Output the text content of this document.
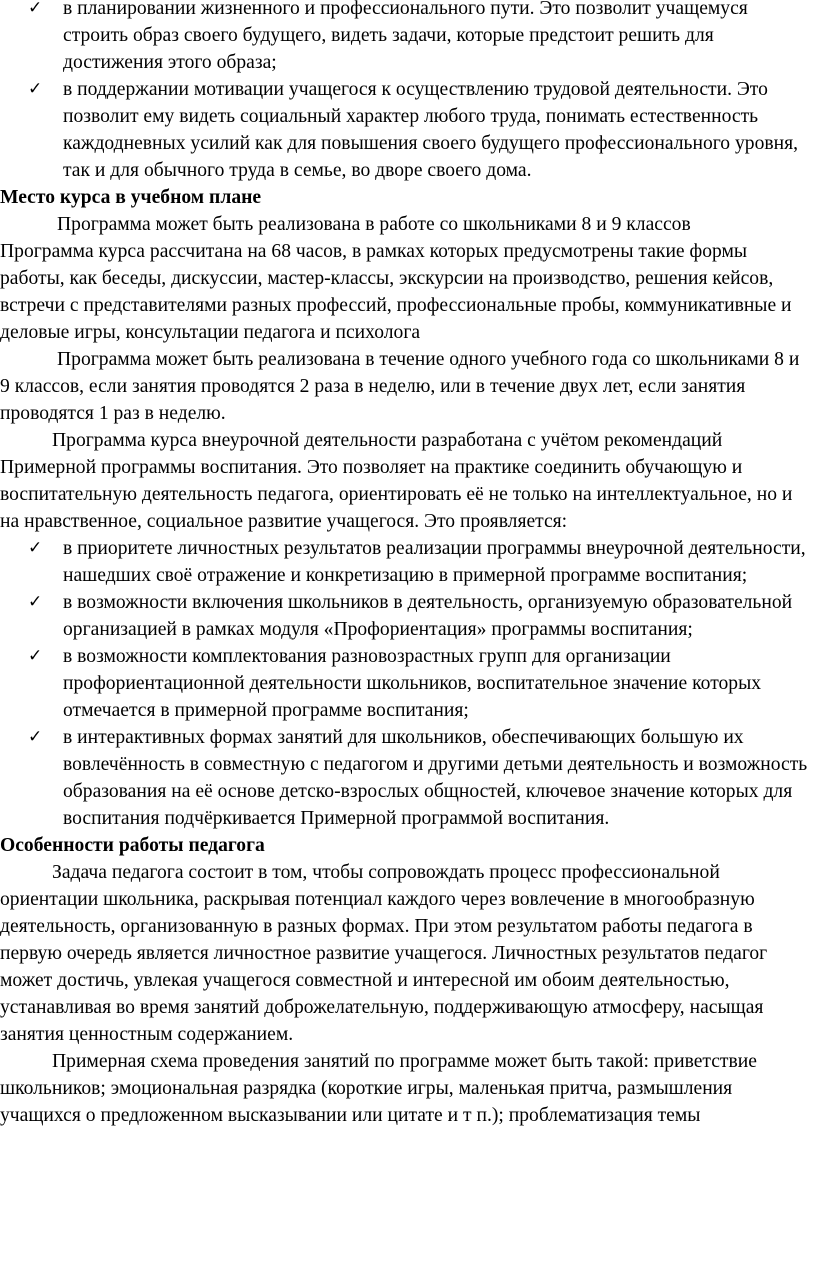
✓	в планировании жизненного и профессионального пути. Это позволит учащемуся строить образ своего будущего, видеть задачи, которые предстоит решить для достижения этого образа;
✓	в поддержании мотивации учащегося к осуществлению трудовой деятельности. Это позволит ему видеть социальный характер любого труда, понимать естественность каждодневных усилий как для повышения своего будущего профессионального уровня, так и для обычного труда в семье, во дворе своего дома.

Место курса в учебном плане

Программа может быть реализована в работе со школьниками 8 и 9 классов

Программа курса рассчитана на 68 часов, в рамках которых предусмотрены такие формы работы, как беседы, дискуссии, мастер-классы, экскурсии на производство, решения кейсов, встречи с представителями разных профессий, профессиональные пробы, коммуникативные и деловые игры, консультации педагога и психолога

Программа может быть реализована в течение одного учебного года со школьниками 8 и 9 классов, если занятия проводятся 2 раза в неделю, или в течение двух лет, если занятия проводятся 1 раз в неделю.

Программа курса внеурочной деятельности разработана с учётом рекомендаций Примерной программы воспитания. Это позволяет на практике соединить обучающую и воспитательную деятельность педагога, ориентировать её не только на интеллектуальное, но и на нравственное, социальное развитие учащегося. Это проявляется:

✓	в приоритете личностных результатов реализации программы внеурочной деятельности, нашедших своё отражение и конкретизацию в примерной программе воспитания;
✓	в возможности включения школьников в деятельность, организуемую образовательной организацией в рамках модуля «Профориентация» программы воспитания;
✓	в возможности комплектования разновозрастных групп для организации профориентационной деятельности школьников, воспитательное значение которых отмечается в примерной программе воспитания;
✓	в интерактивных формах занятий для школьников, обеспечивающих большую их вовлечённость в совместную с педагогом и другими детьми деятельность и возможность образования на её основе детско-взрослых общностей, ключевое значение которых для воспитания подчёркивается Примерной программой воспитания.

Особенности работы педагога

Задача педагога состоит в том, чтобы сопровождать процесс профессиональной ориентации школьника, раскрывая потенциал каждого через вовлечение в многообразную деятельность, организованную в разных формах. При этом результатом работы педагога в первую очередь является личностное развитие учащегося. Личностных результатов педагог может достичь, увлекая учащегося совместной и интересной им обоим деятельностью, устанавливая во время занятий доброжелательную, поддерживающую атмосферу, насыщая занятия ценностным содержанием.

Примерная схема проведения занятий по программе может быть такой: приветствие школьников; эмоциональная разрядка (короткие игры, маленькая притча, размышления учащихся о предложенном высказывании или цитате и т п.); проблематизация темы
